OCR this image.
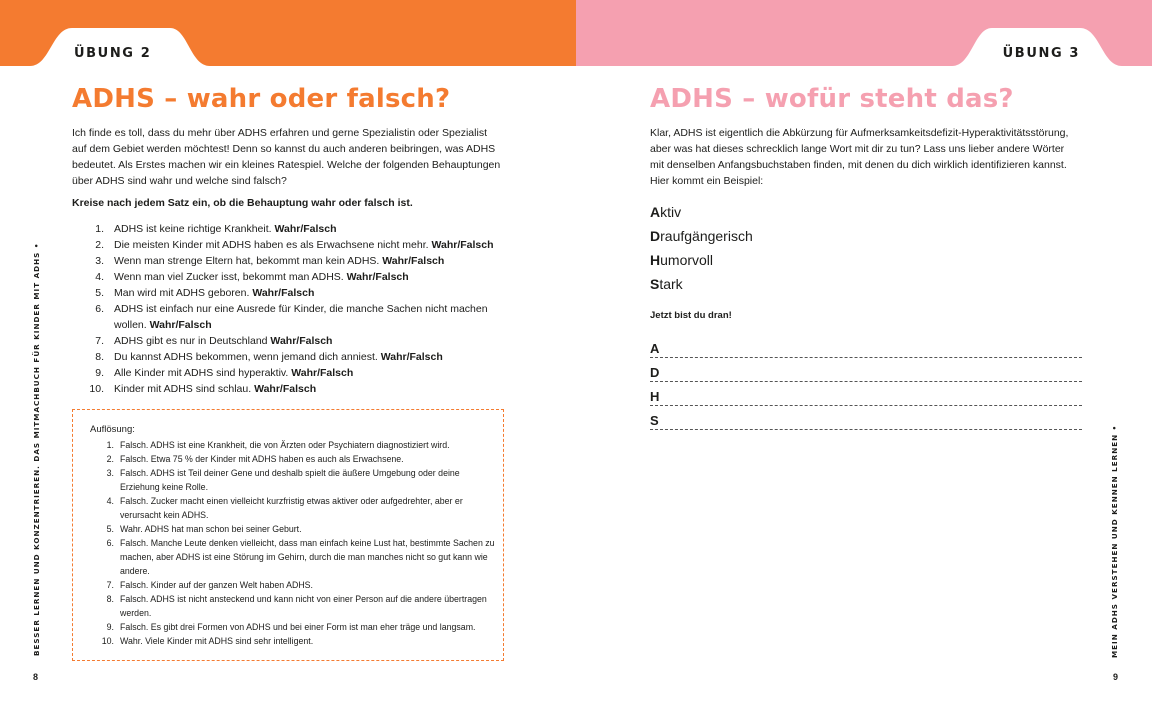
ÜBUNG 2
ADHS – wahr oder falsch?

Ich finde es toll, dass du mehr über ADHS erfahren und gerne Spezialistin oder Spezialist auf dem Gebiet werden möchtest! Denn so kannst du auch anderen beibringen, was ADHS bedeutet. Als Erstes machen wir ein kleines Ratespiel. Welche der folgenden Behauptungen über ADHS sind wahr und welche sind falsch?

Kreise nach jedem Satz ein, ob die Behauptung wahr oder falsch ist.

1. ADHS ist keine richtige Krankheit. Wahr/Falsch
2. Die meisten Kinder mit ADHS haben es als Erwachsene nicht mehr. Wahr/Falsch
3. Wenn man strenge Eltern hat, bekommt man kein ADHS. Wahr/Falsch
4. Wenn man viel Zucker isst, bekommt man ADHS. Wahr/Falsch
5. Man wird mit ADHS geboren. Wahr/Falsch
6. ADHS ist einfach nur eine Ausrede für Kinder, die manche Sachen nicht machen wollen. Wahr/Falsch
7. ADHS gibt es nur in Deutschland Wahr/Falsch
8. Du kannst ADHS bekommen, wenn jemand dich anniest. Wahr/Falsch
9. Alle Kinder mit ADHS sind hyperaktiv. Wahr/Falsch
10. Kinder mit ADHS sind schlau. Wahr/Falsch
Auflösung:
1. Falsch. ADHS ist eine Krankheit, die von Ärzten oder Psychiatern diagnostiziert wird.
2. Falsch. Etwa 75 % der Kinder mit ADHS haben es auch als Erwachsene.
3. Falsch. ADHS ist Teil deiner Gene und deshalb spielt die äußere Umgebung oder deine Erziehung keine Rolle.
4. Falsch. Zucker macht einen vielleicht kurzfristig etwas aktiver oder aufgedrehter, aber er verursacht kein ADHS.
5. Wahr. ADHS hat man schon bei seiner Geburt.
6. Falsch. Manche Leute denken vielleicht, dass man einfach keine Lust hat, bestimmte Sachen zu machen, aber ADHS ist eine Störung im Gehirn, durch die man manches nicht so gut kann wie andere.
7. Falsch. Kinder auf der ganzen Welt haben ADHS.
8. Falsch. ADHS ist nicht ansteckend und kann nicht von einer Person auf die andere übertragen werden.
9. Falsch. Es gibt drei Formen von ADHS und bei einer Form ist man eher träge und langsam.
10. Wahr. Viele Kinder mit ADHS sind sehr intelligent.
ÜBUNG 3
ADHS – wofür steht das?

Klar, ADHS ist eigentlich die Abkürzung für Aufmerksamkeitsdefizit-Hyperaktivitätsstörung, aber was hat dieses schrecklich lange Wort mit dir zu tun? Lass uns lieber andere Wörter mit denselben Anfangsbuchstaben finden, mit denen du dich wirklich identifizieren kannst. Hier kommt ein Beispiel:

Aktiv
Draufgängerisch
Humorvoll
Stark

Jetzt bist du dran!

A
D
H
S
BESSER LERNEN UND KONZENTRIEREN. DAS MITMACHBUCH FÜR KINDER MIT ADHS •	MEIN ADHS VERSTEHEN UND KENNEN LERNEN •
8	9
